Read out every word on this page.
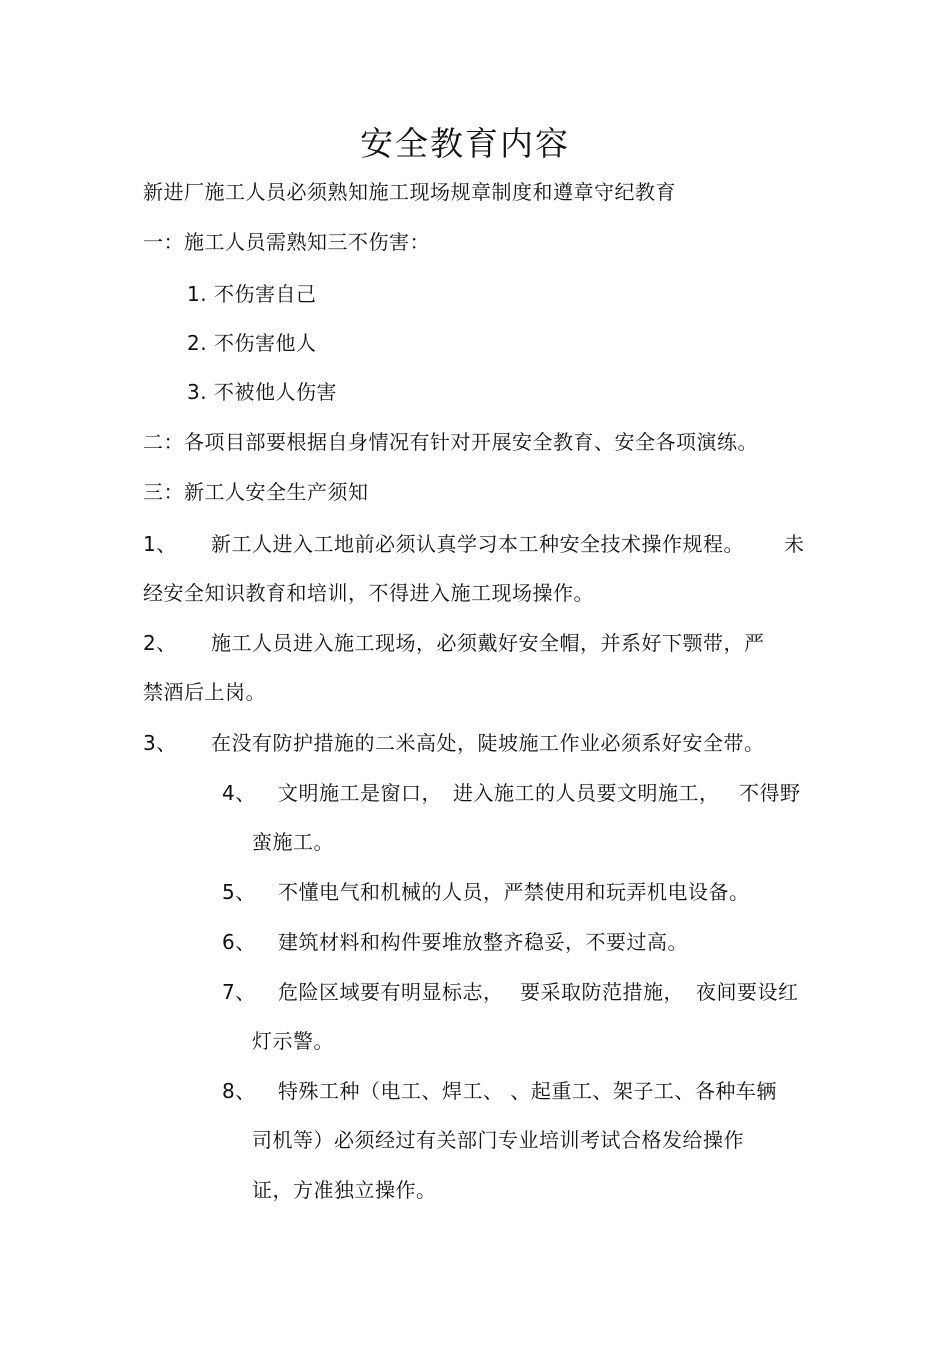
安全教育内容
新进厂施工人员必须熟知施工现场规章制度和遵章守纪教育
一：施工人员需熟知三不伤害：
1. 不伤害自己
2. 不伤害他人
3. 不被他人伤害
二：各项目部要根据自身情况有针对开展安全教育、安全各项演练。
三：新工人安全生产须知
1、 新工人进入工地前必须认真学习本工种安全技术操作规程。 未
经安全知识教育和培训，不得进入施工现场操作。
2、 施工人员进入施工现场，必须戴好安全帽，并系好下颚带，严
禁酒后上岗。
3、 在没有防护措施的二米高处，陡坡施工作业必须系好安全带。
4、 文明施工是窗口， 进入施工的人员要文明施工， 不得野
蛮施工。
5、 不懂电气和机械的人员，严禁使用和玩弄机电设备。
6、 建筑材料和构件要堆放整齐稳妥，不要过高。
7、 危险区域要有明显标志， 要采取防范措施， 夜间要设红
灯示警。
8、 特殊工种（电工、焊工、 、起重工、架子工、各种车辆
司机等）必须经过有关部门专业培训考试合格发给操作
证，方准独立操作。
